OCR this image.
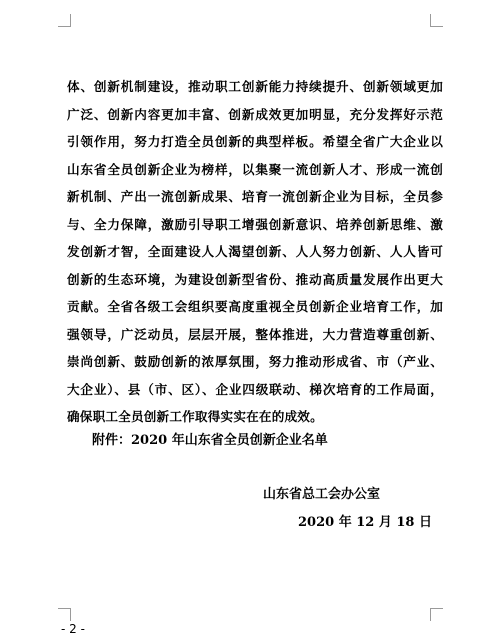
体、创新机制建设，推动职工创新能力持续提升、创新领域更加
广泛、创新内容更加丰富、创新成效更加明显，充分发挥好示范
引领作用，努力打造全员创新的典型样板。希望全省广大企业以
山东省全员创新企业为榜样，以集聚一流创新人才、形成一流创
新机制、产出一流创新成果、培育一流创新企业为目标，全员参
与、全力保障，激励引导职工增强创新意识、培养创新思维、激
发创新才智，全面建设人人渴望创新、人人努力创新、人人皆可
创新的生态环境，为建设创新型省份、推动高质量发展作出更大
贡献。全省各级工会组织要高度重视全员创新企业培育工作，加
强领导，广泛动员，层层开展，整体推进，大力营造尊重创新、
崇尚创新、鼓励创新的浓厚氛围，努力推动形成省、市（产业、
大企业）、县（市、区）、企业四级联动、梯次培育的工作局面，
确保职工全员创新工作取得实实在在的成效。
附件：2020 年山东省全员创新企业名单
山东省总工会办公室
2020 年 12 月 18 日
- 2 -
